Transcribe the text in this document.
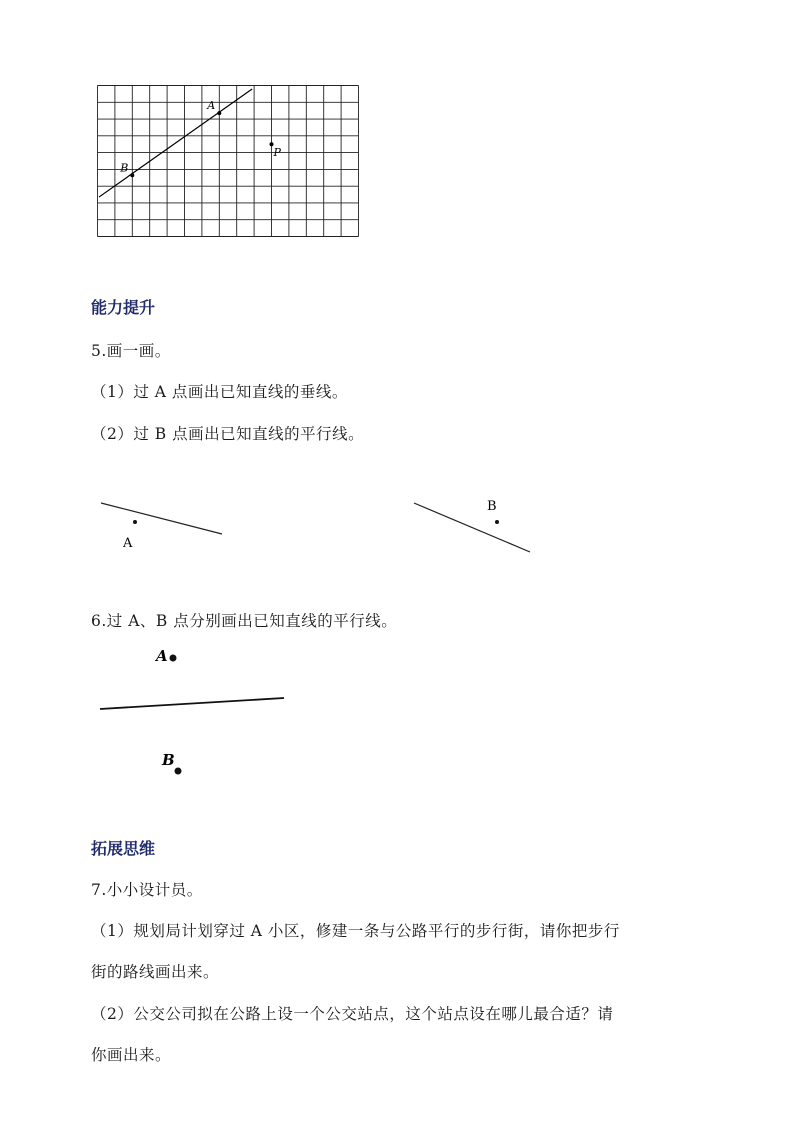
A
B
P
能力提升
5.画一画。
（1）过 A 点画出已知直线的垂线。
（2）过 B 点画出已知直线的平行线。
A
B
6.过 A、B 点分别画出已知直线的平行线。
A
B
拓展思维
7.小小设计员。
（1）规划局计划穿过 A 小区，修建一条与公路平行的步行街，请你把步行
街的路线画出来。
（2）公交公司拟在公路上设一个公交站点，这个站点设在哪儿最合适？请
你画出来。
